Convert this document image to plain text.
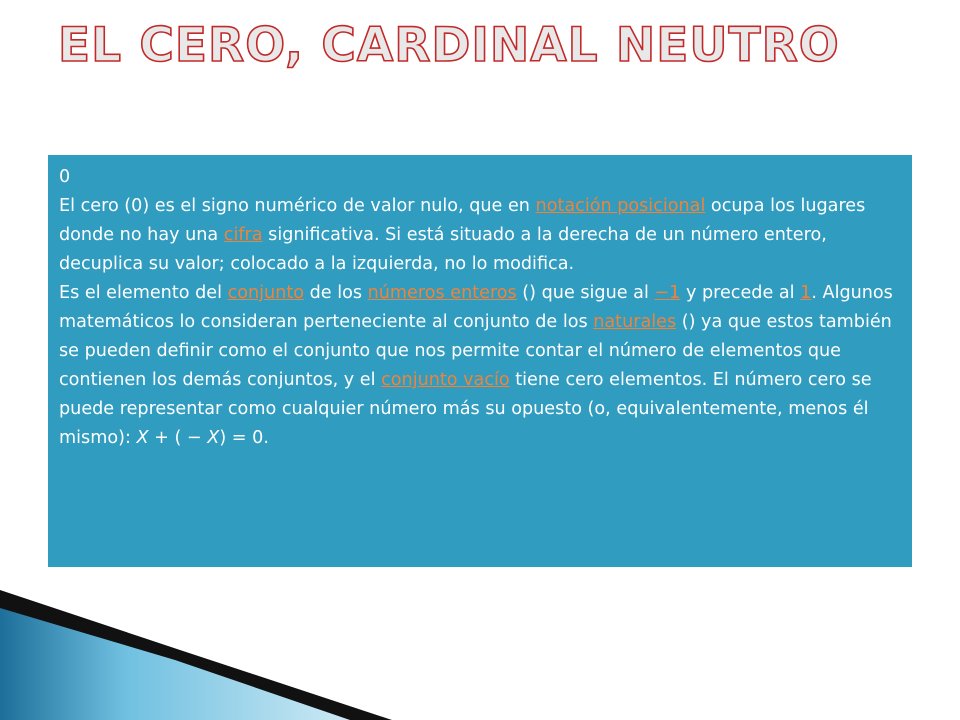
EL CERO, CARDINAL NEUTRO

0

El cero (0) es el signo numérico de valor nulo, que en notación posicional ocupa los lugares donde no hay una cifra significativa. Si está situado a la derecha de un número entero, decuplica su valor; colocado a la izquierda, no lo modifica.

Es el elemento del conjunto de los números enteros () que sigue al −1 y precede al 1. Algunos matemáticos lo consideran perteneciente al conjunto de los naturales () ya que estos también se pueden definir como el conjunto que nos permite contar el número de elementos que contienen los demás conjuntos, y el conjunto vacío tiene cero elementos. El número cero se puede representar como cualquier número más su opuesto (o, equivalentemente, menos él mismo): X + ( − X) = 0.
